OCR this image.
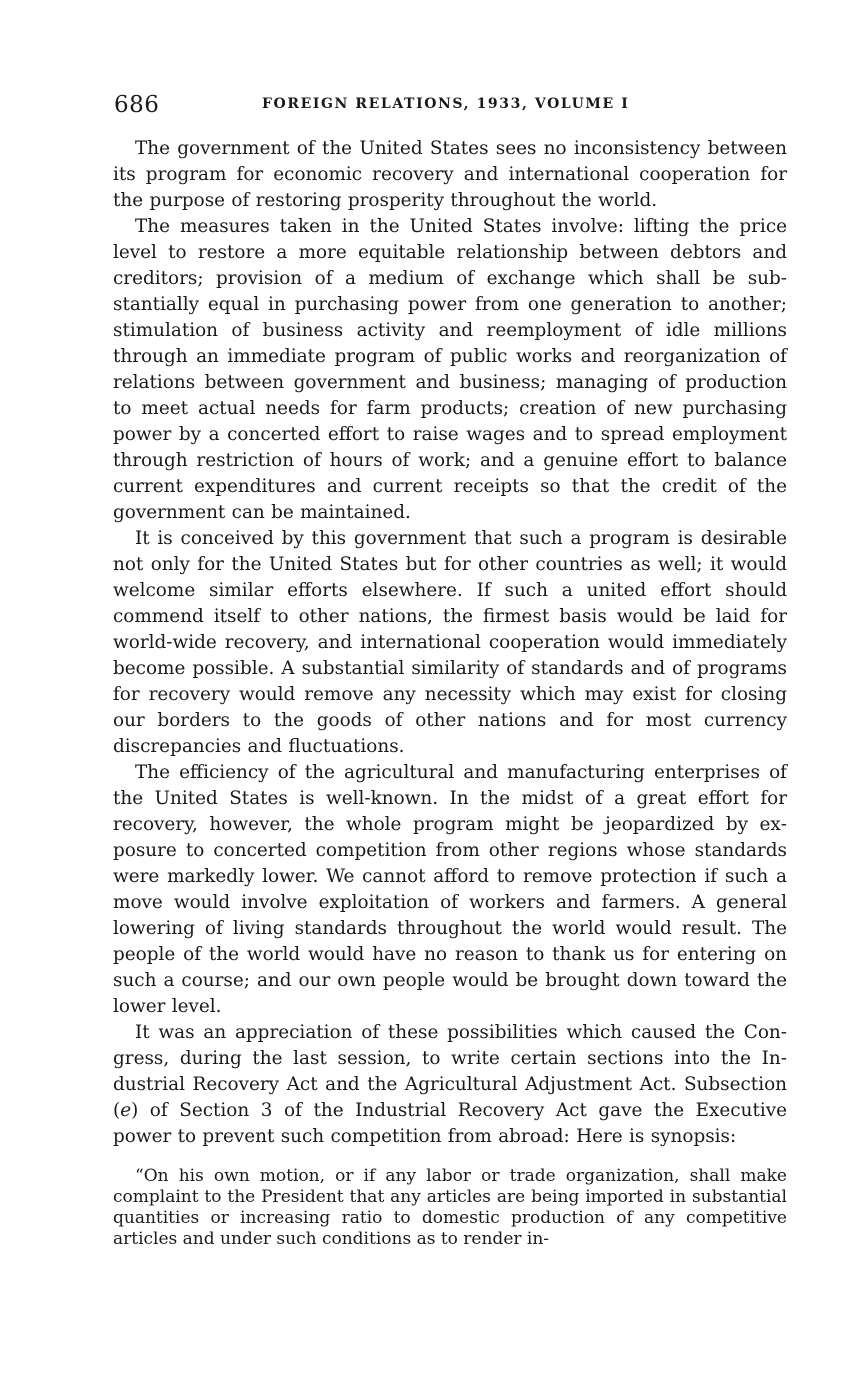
686	FOREIGN RELATIONS, 1933, VOLUME I

The government of the United States sees no inconsistency between its program for economic recovery and international cooperation for the purpose of restoring prosperity throughout the world.

The measures taken in the United States involve: lifting the price level to restore a more equitable relationship between debtors and creditors; provision of a medium of exchange which shall be substantially equal in purchasing power from one generation to another; stimulation of business activity and reemployment of idle millions through an immediate program of public works and reorganization of relations between government and business; managing of production to meet actual needs for farm products; creation of new purchasing power by a concerted effort to raise wages and to spread employment through restriction of hours of work; and a genuine effort to balance current expenditures and current receipts so that the credit of the government can be maintained.

It is conceived by this government that such a program is desirable not only for the United States but for other countries as well; it would welcome similar efforts elsewhere. If such a united effort should commend itself to other nations, the firmest basis would be laid for world-wide recovery, and international cooperation would immediately become possible. A substantial similarity of standards and of programs for recovery would remove any necessity which may exist for closing our borders to the goods of other nations and for most currency discrepancies and fluctuations.

The efficiency of the agricultural and manufacturing enterprises of the United States is well-known. In the midst of a great effort for recovery, however, the whole program might be jeopardized by exposure to concerted competition from other regions whose standards were markedly lower. We cannot afford to remove protection if such a move would involve exploitation of workers and farmers. A general lowering of living standards throughout the world would result. The people of the world would have no reason to thank us for entering on such a course; and our own people would be brought down toward the lower level.

It was an appreciation of these possibilities which caused the Congress, during the last session, to write certain sections into the Industrial Recovery Act and the Agricultural Adjustment Act. Subsection (e) of Section 3 of the Industrial Recovery Act gave the Executive power to prevent such competition from abroad: Here is synopsis:

“On his own motion, or if any labor or trade organization, shall make complaint to the President that any articles are being imported in substantial quantities or increasing ratio to domestic production of any competitive articles and under such conditions as to render in-
